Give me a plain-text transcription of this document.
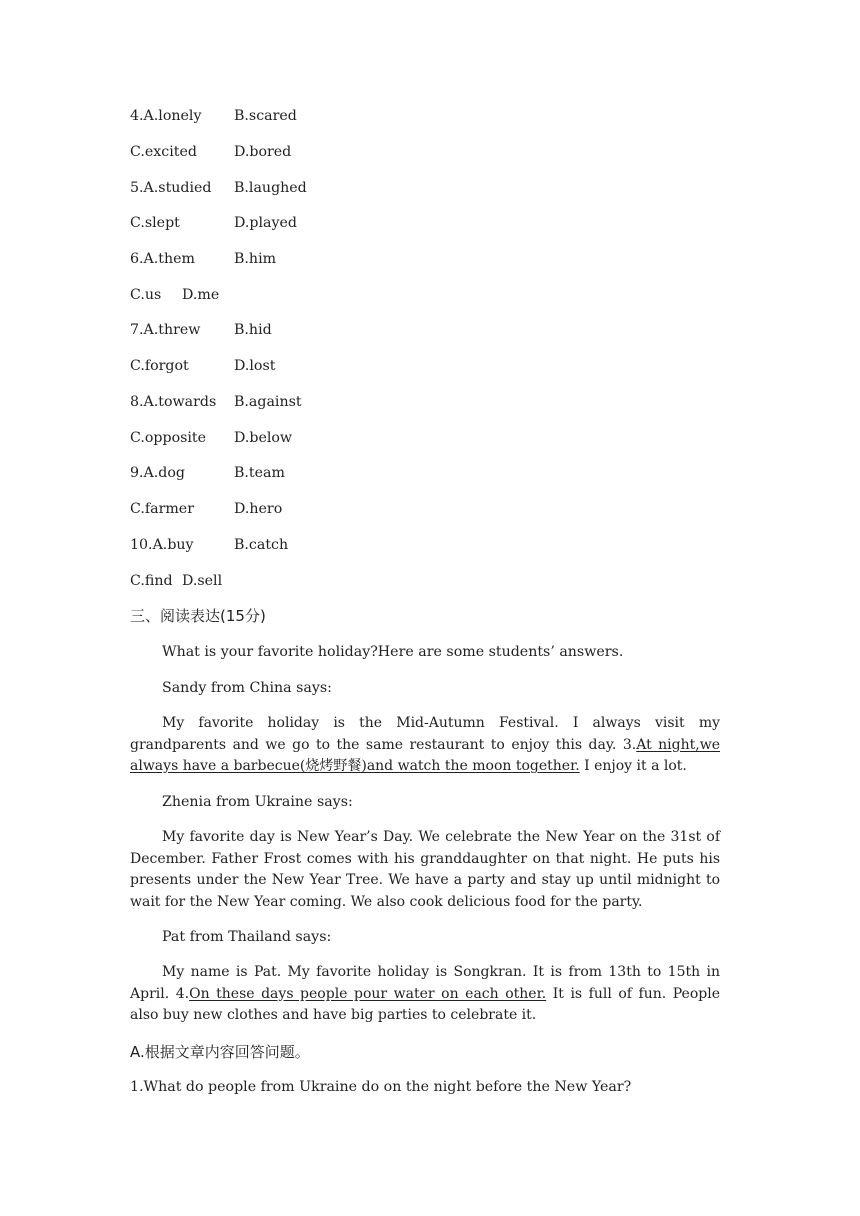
4.A.lonely B.scared
C.excited	D.bored
5.A.studied B.laughed
C.slept	D.played
6.A.them	B.him
C.us D.me
7.A.threw B.hid
C.forgot	D.lost
8.A.towards B.against
C.opposite D.below
9.A.dog	B.team
C.farmer	D.hero
10.A.buy	B.catch
C.find D.sell
三、阅读表达(15分)
What is your favorite holiday?Here are some students’ answers.
Sandy from China says:
My favorite holiday is the Mid-Autumn Festival. I always visit my grandparents and we go to the same restaurant to enjoy this day. 3.At night,we always have a barbecue(烧烤野餐)and watch the moon together. I enjoy it a lot.
Zhenia from Ukraine says:
My favorite day is New Year’s Day. We celebrate the New Year on the 31st of December. Father Frost comes with his granddaughter on that night. He puts his presents under the New Year Tree. We have a party and stay up until midnight to wait for the New Year coming. We also cook delicious food for the party.
Pat from Thailand says:
My name is Pat. My favorite holiday is Songkran. It is from 13th to 15th in April. 4.On these days people pour water on each other. It is full of fun. People also buy new clothes and have big parties to celebrate it.
A.根据文章内容回答问题。
1.What do people from Ukraine do on the night before the New Year?
